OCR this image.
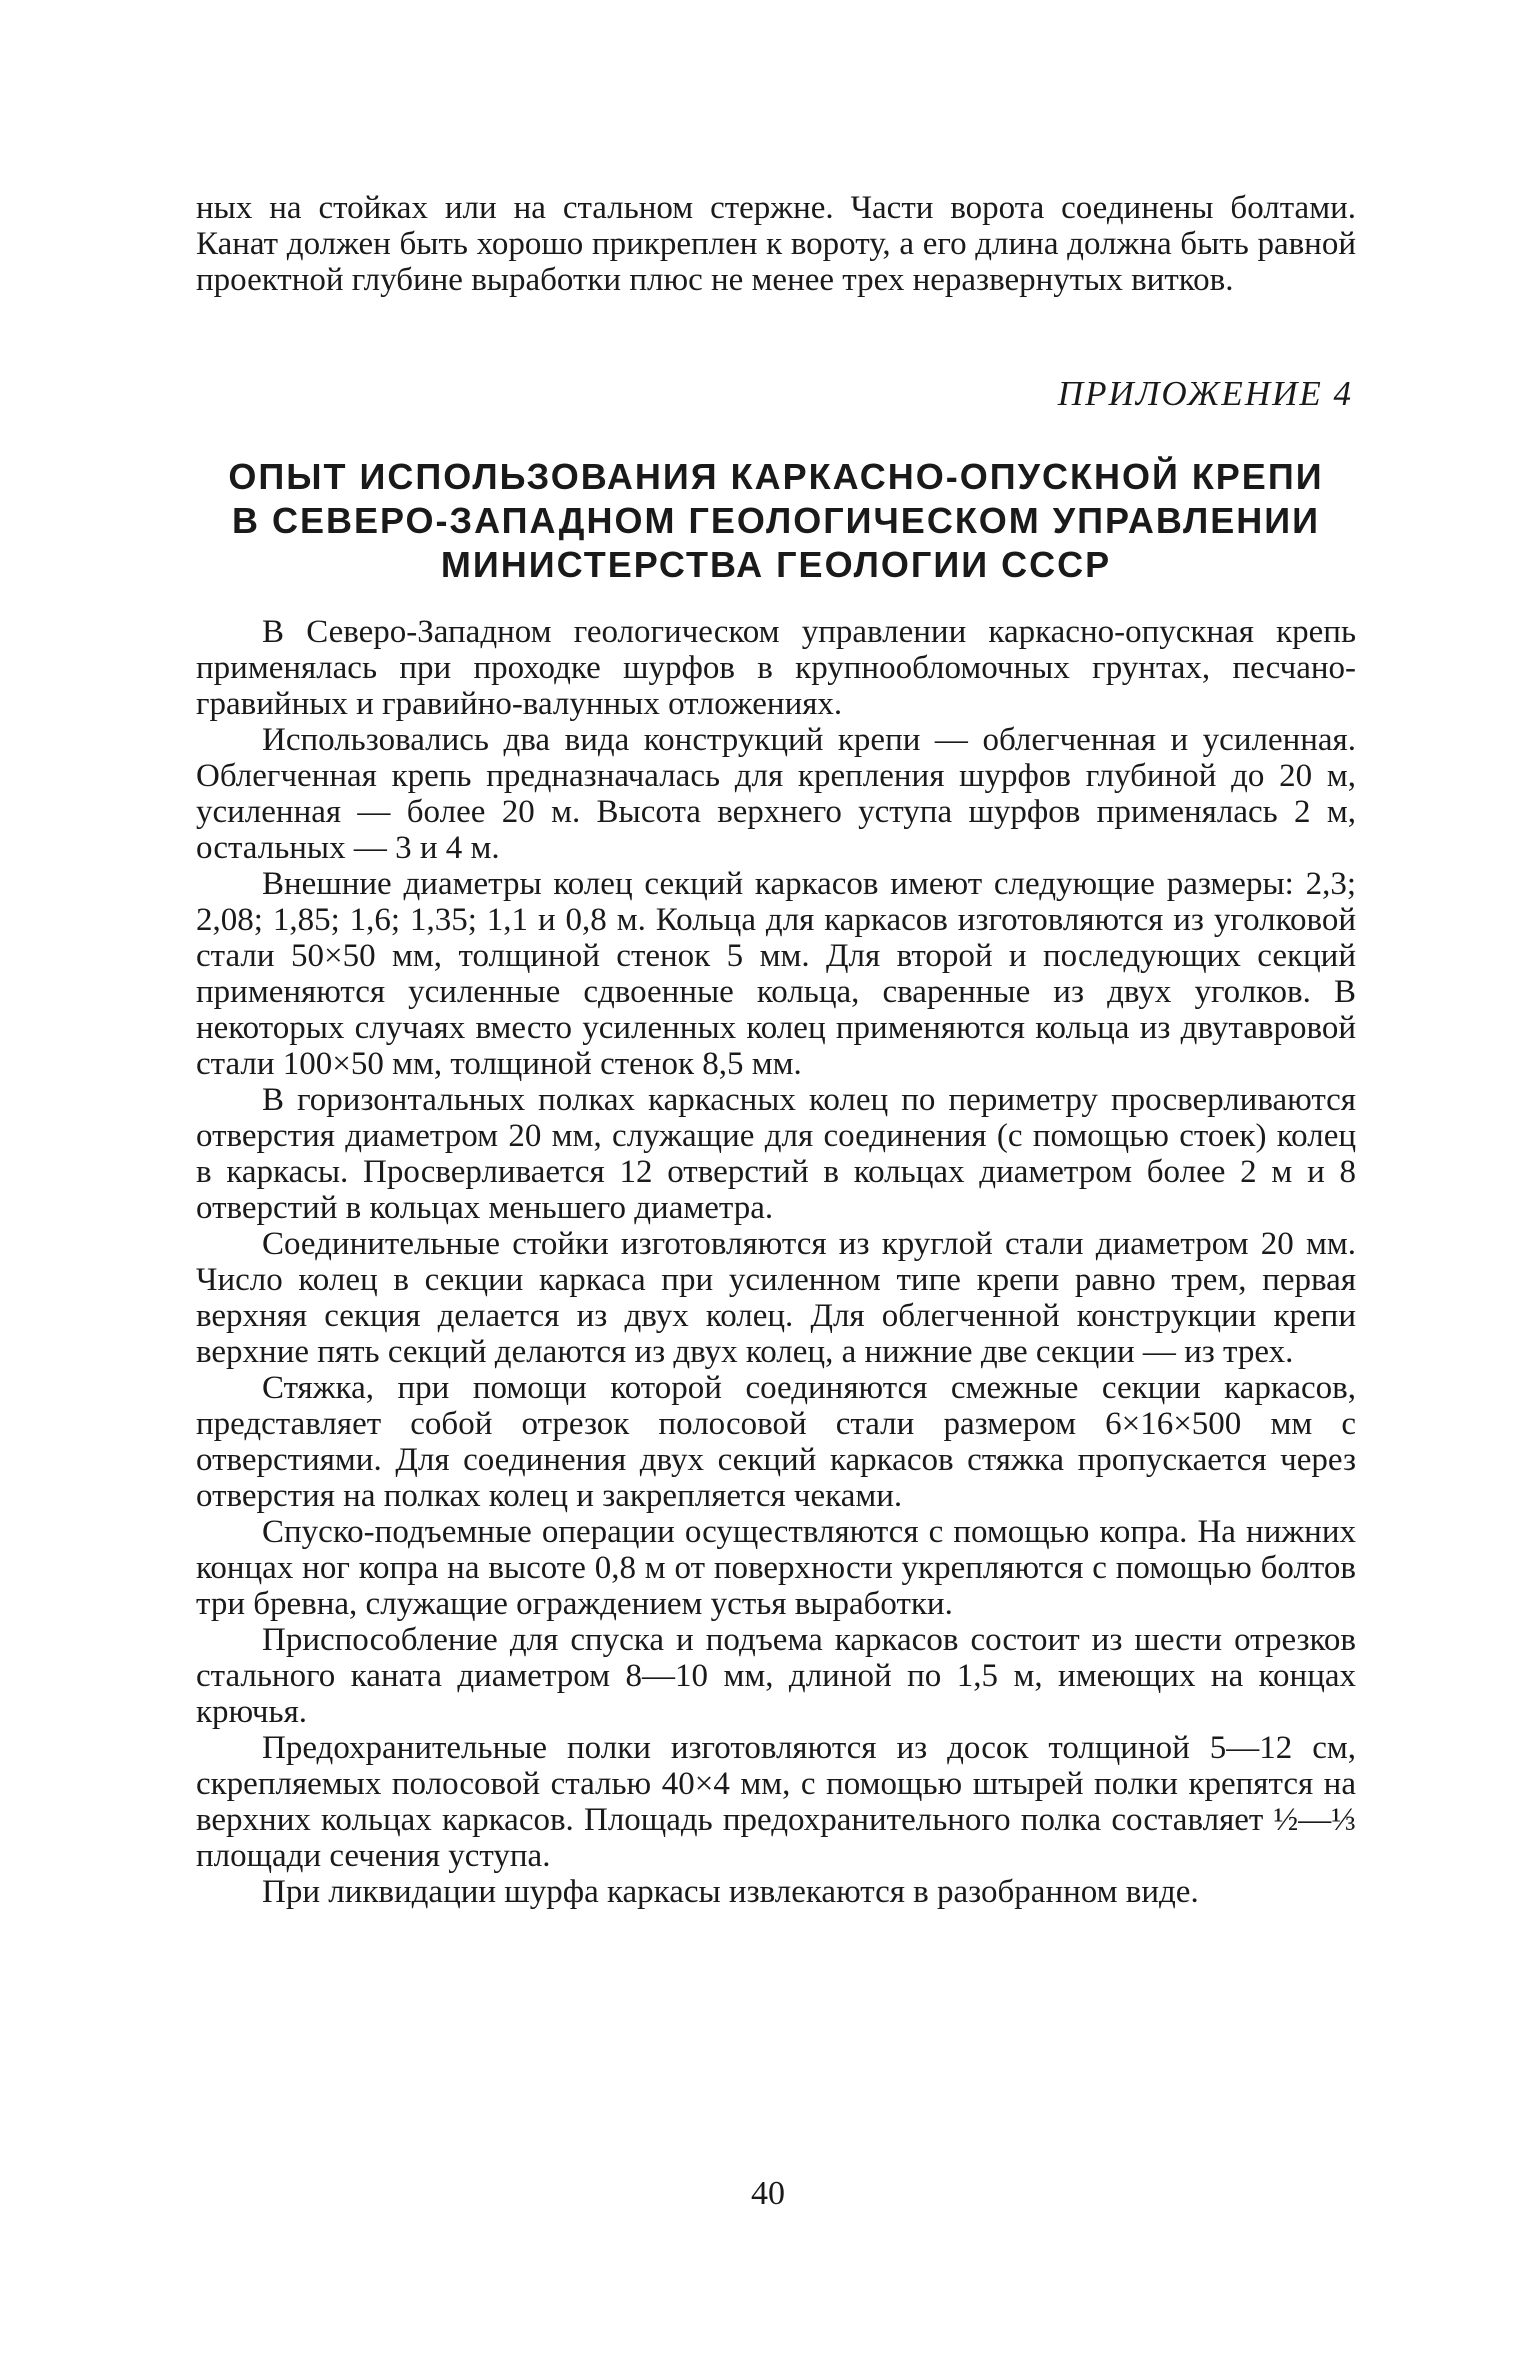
ных на стойках или на стальном стержне. Части ворота соединены болтами. Канат должен быть хорошо прикреплен к вороту, а его длина должна быть равной проектной глубине выработки плюс не менее трех неразвернутых витков.

ПРИЛОЖЕНИЕ 4
ОПЫТ ИСПОЛЬЗОВАНИЯ КАРКАСНО-ОПУСКНОЙ КРЕПИ
В СЕВЕРО-ЗАПАДНОМ ГЕОЛОГИЧЕСКОМ УПРАВЛЕНИИ
МИНИСТЕРСТВА ГЕОЛОГИИ СССР

В Северо-Западном геологическом управлении каркасно-опускная крепь применялась при проходке шурфов в крупнообломочных грунтах, песчано-гравийных и гравийно-валунных отложениях.

Использовались два вида конструкций крепи — облегченная и усиленная. Облегченная крепь предназначалась для крепления шурфов глубиной до 20 м, усиленная — более 20 м. Высота верхнего уступа шурфов применялась 2 м, остальных — 3 и 4 м.

Внешние диаметры колец секций каркасов имеют следующие размеры: 2,3; 2,08; 1,85; 1,6; 1,35; 1,1 и 0,8 м. Кольца для каркасов изготовляются из уголковой стали 50×50 мм, толщиной стенок 5 мм. Для второй и последующих секций применяются усиленные сдвоенные кольца, сваренные из двух уголков. В некоторых случаях вместо усиленных колец применяются кольца из двутавровой стали 100×50 мм, толщиной стенок 8,5 мм.

В горизонтальных полках каркасных колец по периметру просверливаются отверстия диаметром 20 мм, служащие для соединения (с помощью стоек) колец в каркасы. Просверливается 12 отверстий в кольцах диаметром более 2 м и 8 отверстий в кольцах меньшего диаметра.

Соединительные стойки изготовляются из круглой стали диаметром 20 мм. Число колец в секции каркаса при усиленном типе крепи равно трем, первая верхняя секция делается из двух колец. Для облегченной конструкции крепи верхние пять секций делаются из двух колец, а нижние две секции — из трех.

Стяжка, при помощи которой соединяются смежные секции каркасов, представляет собой отрезок полосовой стали размером 6×16×500 мм с отверстиями. Для соединения двух секций каркасов стяжка пропускается через отверстия на полках колец и закрепляется чеками.

Спуско-подъемные операции осуществляются с помощью копра. На нижних концах ног копра на высоте 0,8 м от поверхности укрепляются с помощью болтов три бревна, служащие ограждением устья выработки.

Приспособление для спуска и подъема каркасов состоит из шести отрезков стального каната диаметром 8—10 мм, длиной по 1,5 м, имеющих на концах крючья.

Предохранительные полки изготовляются из досок толщиной 5—12 см, скрепляемых полосовой сталью 40×4 мм, с помощью штырей полки крепятся на верхних кольцах каркасов. Площадь предохранительного полка составляет ½—⅓ площади сечения уступа.

При ликвидации шурфа каркасы извлекаются в разобранном виде.

40
